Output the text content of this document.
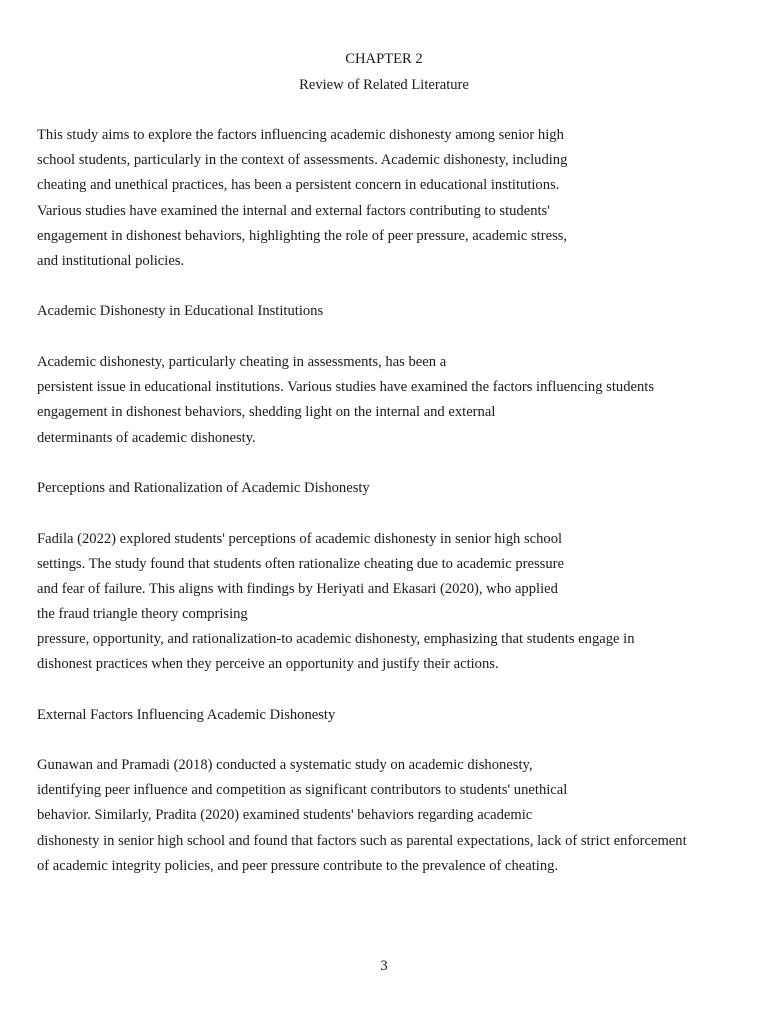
CHAPTER 2
Review of Related Literature
This study aims to explore the factors influencing academic dishonesty among senior high
school students, particularly in the context of assessments. Academic dishonesty, including
cheating and unethical practices, has been a persistent concern in educational institutions.
Various studies have examined the internal and external factors contributing to students'
engagement in dishonest behaviors, highlighting the role of peer pressure, academic stress,
and institutional policies.
Academic Dishonesty in Educational Institutions
Academic dishonesty, particularly cheating in assessments, has been a
persistent issue in educational institutions. Various studies have examined the factors influencing students
engagement in dishonest behaviors, shedding light on the internal and external
determinants of academic dishonesty.
Perceptions and Rationalization of Academic Dishonesty
Fadila (2022) explored students' perceptions of academic dishonesty in senior high school
settings. The study found that students often rationalize cheating due to academic pressure
and fear of failure. This aligns with findings by Heriyati and Ekasari (2020), who applied
the fraud triangle theory comprising
pressure, opportunity, and rationalization-to academic dishonesty, emphasizing that students engage in
dishonest practices when they perceive an opportunity and justify their actions.
External Factors Influencing Academic Dishonesty
Gunawan and Pramadi (2018) conducted a systematic study on academic dishonesty,
identifying peer influence and competition as significant contributors to students' unethical
behavior. Similarly, Pradita (2020) examined students' behaviors regarding academic
dishonesty in senior high school and found that factors such as parental expectations, lack of strict enforcement
of academic integrity policies, and peer pressure contribute to the prevalence of cheating.
3
